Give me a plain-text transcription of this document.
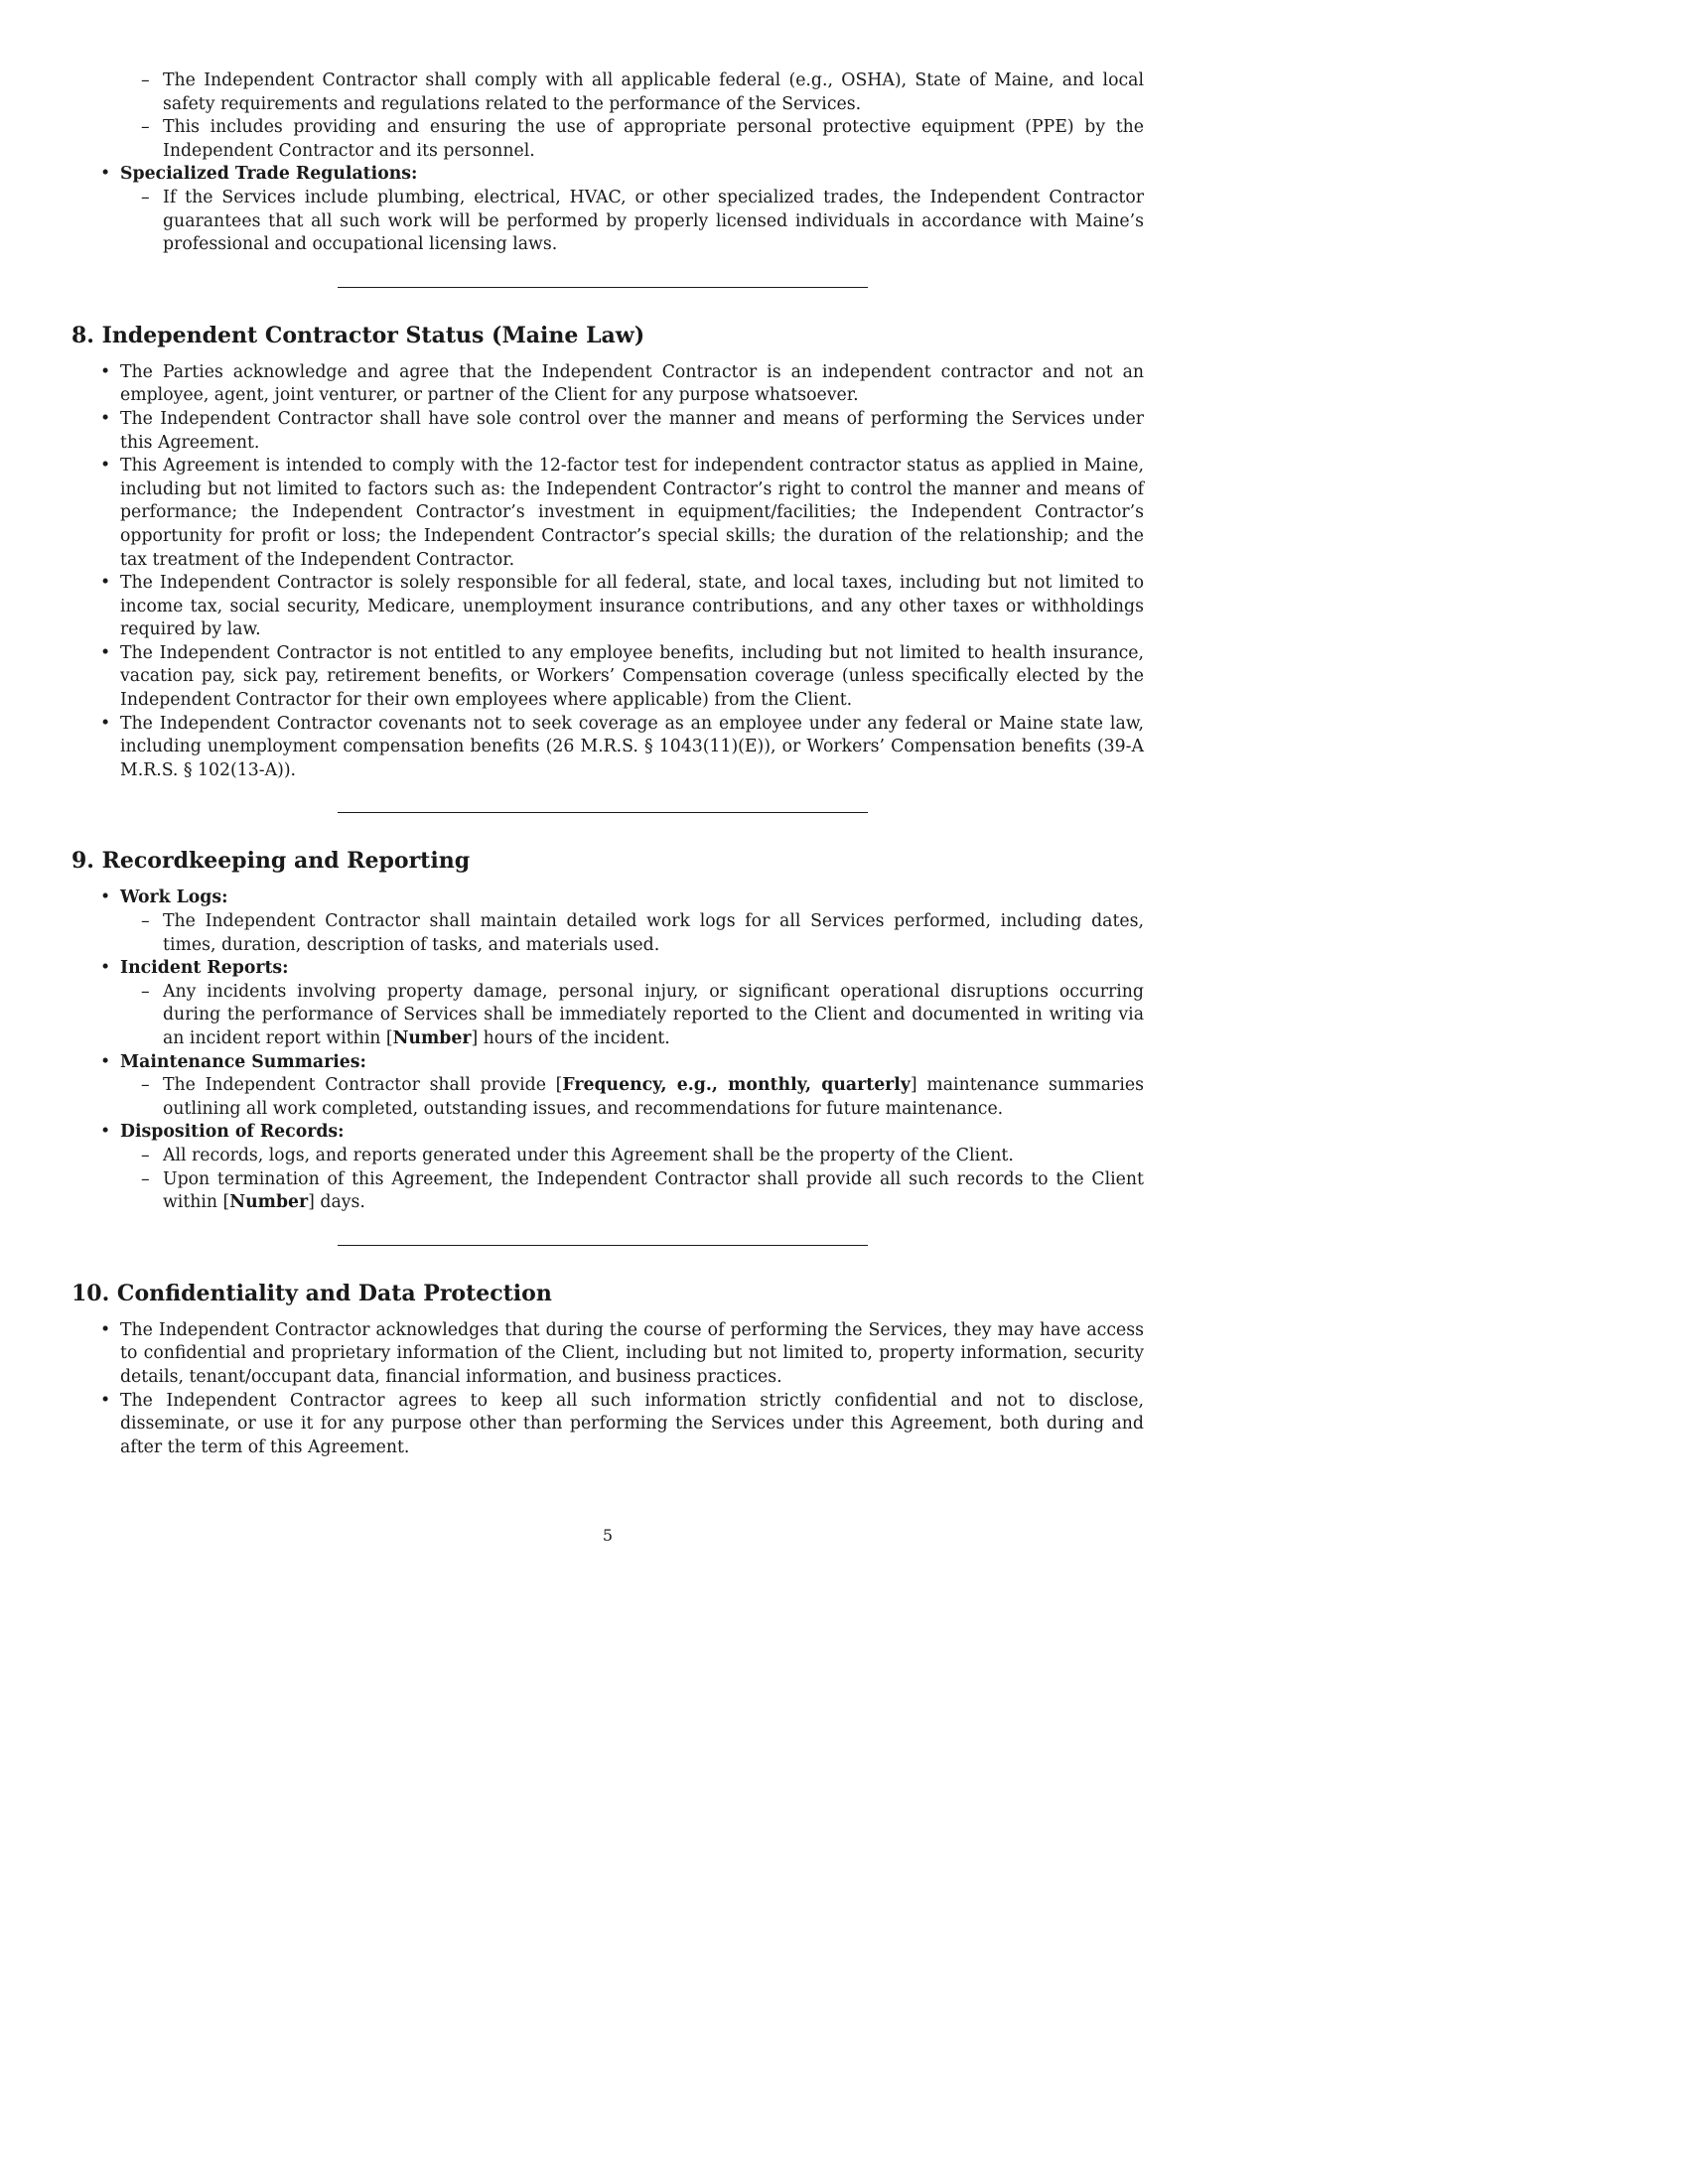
– The Independent Contractor shall comply with all applicable federal (e.g., OSHA), State of Maine, and local safety requirements and regulations related to the performance of the Services.
– This includes providing and ensuring the use of appropriate personal protective equipment (PPE) by the Independent Contractor and its personnel.
• Specialized Trade Regulations:
– If the Services include plumbing, electrical, HVAC, or other specialized trades, the Independent Contractor guarantees that all such work will be performed by properly licensed individuals in accordance with Maine’s professional and occupational licensing laws.
8. Independent Contractor Status (Maine Law)
• The Parties acknowledge and agree that the Independent Contractor is an independent contractor and not an employee, agent, joint venturer, or partner of the Client for any purpose whatsoever.
• The Independent Contractor shall have sole control over the manner and means of performing the Services under this Agreement.
• This Agreement is intended to comply with the 12-factor test for independent contractor status as applied in Maine, including but not limited to factors such as: the Independent Contractor’s right to control the manner and means of performance; the Independent Contractor’s investment in equipment/facilities; the Independent Contractor’s opportunity for profit or loss; the Independent Contractor’s special skills; the duration of the relationship; and the tax treatment of the Independent Contractor.
• The Independent Contractor is solely responsible for all federal, state, and local taxes, including but not limited to income tax, social security, Medicare, unemployment insurance contributions, and any other taxes or withholdings required by law.
• The Independent Contractor is not entitled to any employee benefits, including but not limited to health insurance, vacation pay, sick pay, retirement benefits, or Workers’ Compensation coverage (unless specifically elected by the Independent Contractor for their own employees where applicable) from the Client.
• The Independent Contractor covenants not to seek coverage as an employee under any federal or Maine state law, including unemployment compensation benefits (26 M.R.S. § 1043(11)(E)), or Workers’ Compensation benefits (39-A M.R.S. § 102(13-A)).
9. Recordkeeping and Reporting
• Work Logs:
– The Independent Contractor shall maintain detailed work logs for all Services performed, including dates, times, duration, description of tasks, and materials used.
• Incident Reports:
– Any incidents involving property damage, personal injury, or significant operational disruptions occurring during the performance of Services shall be immediately reported to the Client and documented in writing via an incident report within [Number] hours of the incident.
• Maintenance Summaries:
– The Independent Contractor shall provide [Frequency, e.g., monthly, quarterly] maintenance summaries outlining all work completed, outstanding issues, and recommendations for future maintenance.
• Disposition of Records:
– All records, logs, and reports generated under this Agreement shall be the property of the Client.
– Upon termination of this Agreement, the Independent Contractor shall provide all such records to the Client within [Number] days.
10. Confidentiality and Data Protection
• The Independent Contractor acknowledges that during the course of performing the Services, they may have access to confidential and proprietary information of the Client, including but not limited to, property information, security details, tenant/occupant data, financial information, and business practices.
• The Independent Contractor agrees to keep all such information strictly confidential and not to disclose, disseminate, or use it for any purpose other than performing the Services under this Agreement, both during and after the term of this Agreement.
5
